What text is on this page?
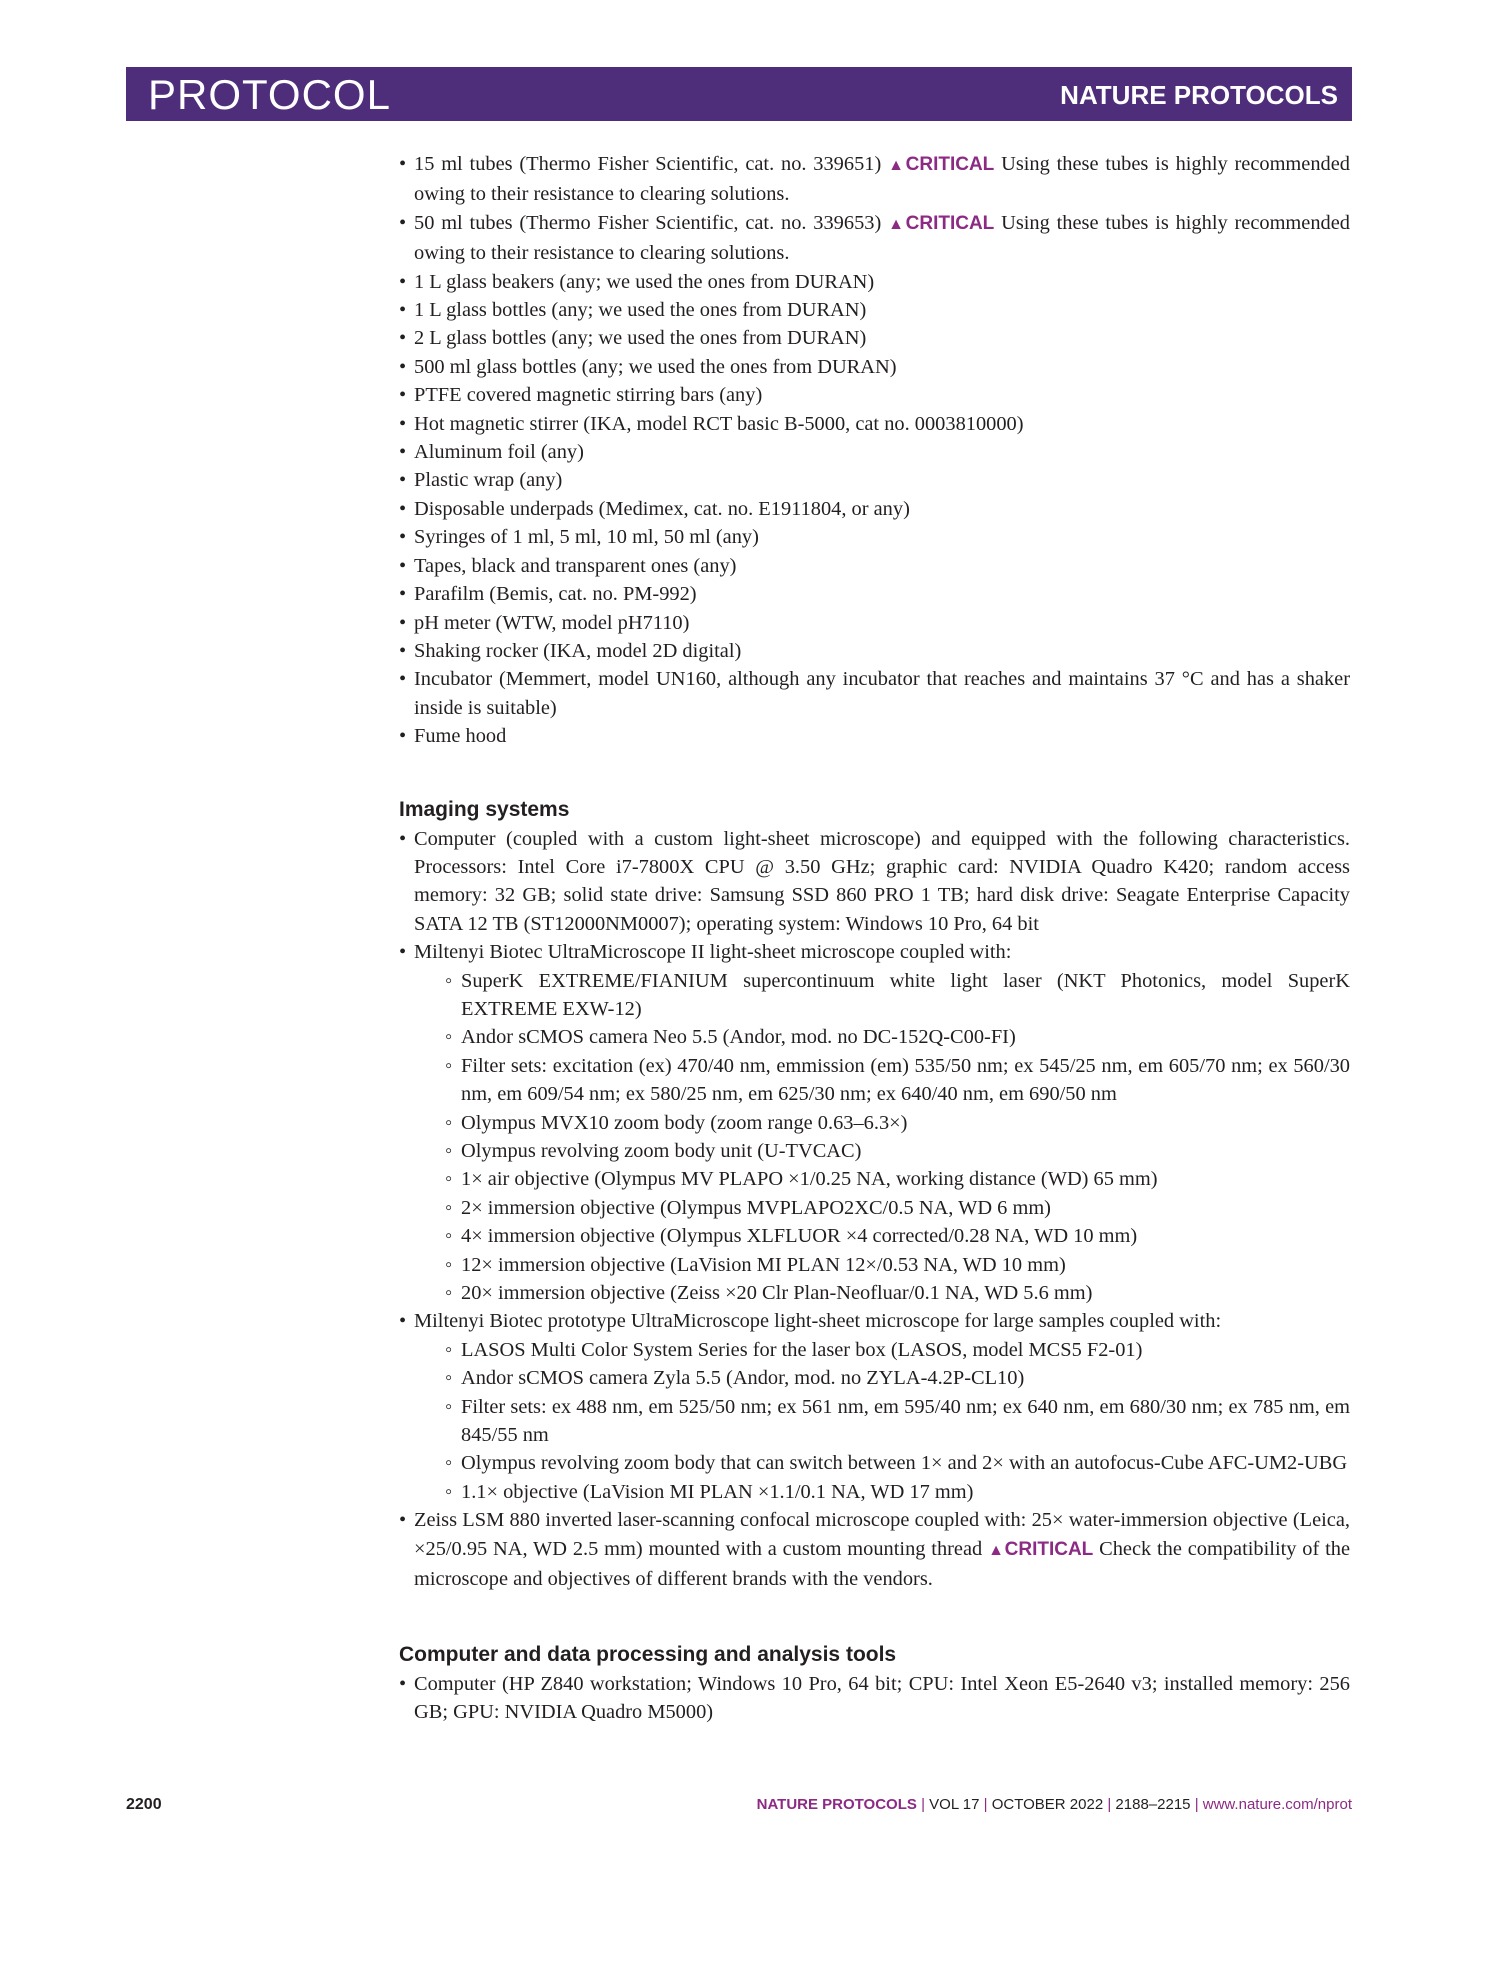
PROTOCOL	NATURE PROTOCOLS
• 15 ml tubes (Thermo Fisher Scientific, cat. no. 339651) ▲CRITICAL Using these tubes is highly recommended owing to their resistance to clearing solutions.
• 50 ml tubes (Thermo Fisher Scientific, cat. no. 339653) ▲CRITICAL Using these tubes is highly recommended owing to their resistance to clearing solutions.
• 1 L glass beakers (any; we used the ones from DURAN)
• 1 L glass bottles (any; we used the ones from DURAN)
• 2 L glass bottles (any; we used the ones from DURAN)
• 500 ml glass bottles (any; we used the ones from DURAN)
• PTFE covered magnetic stirring bars (any)
• Hot magnetic stirrer (IKA, model RCT basic B-5000, cat no. 0003810000)
• Aluminum foil (any)
• Plastic wrap (any)
• Disposable underpads (Medimex, cat. no. E1911804, or any)
• Syringes of 1 ml, 5 ml, 10 ml, 50 ml (any)
• Tapes, black and transparent ones (any)
• Parafilm (Bemis, cat. no. PM-992)
• pH meter (WTW, model pH7110)
• Shaking rocker (IKA, model 2D digital)
• Incubator (Memmert, model UN160, although any incubator that reaches and maintains 37 °C and has a shaker inside is suitable)
• Fume hood
Imaging systems
• Computer (coupled with a custom light-sheet microscope) and equipped with the following characteristics. Processors: Intel Core i7-7800X CPU @ 3.50 GHz; graphic card: NVIDIA Quadro K420; random access memory: 32 GB; solid state drive: Samsung SSD 860 PRO 1 TB; hard disk drive: Seagate Enterprise Capacity SATA 12 TB (ST12000NM0007); operating system: Windows 10 Pro, 64 bit
• Miltenyi Biotec UltraMicroscope II light-sheet microscope coupled with:
◦ SuperK EXTREME/FIANIUM supercontinuum white light laser (NKT Photonics, model SuperK EXTREME EXW-12)
◦ Andor sCMOS camera Neo 5.5 (Andor, mod. no DC-152Q-C00-FI)
◦ Filter sets: excitation (ex) 470/40 nm, emmission (em) 535/50 nm; ex 545/25 nm, em 605/70 nm; ex 560/30 nm, em 609/54 nm; ex 580/25 nm, em 625/30 nm; ex 640/40 nm, em 690/50 nm
◦ Olympus MVX10 zoom body (zoom range 0.63–6.3×)
◦ Olympus revolving zoom body unit (U-TVCAC)
◦ 1× air objective (Olympus MV PLAPO ×1/0.25 NA, working distance (WD) 65 mm)
◦ 2× immersion objective (Olympus MVPLAPO2XC/0.5 NA, WD 6 mm)
◦ 4× immersion objective (Olympus XLFLUOR ×4 corrected/0.28 NA, WD 10 mm)
◦ 12× immersion objective (LaVision MI PLAN 12×/0.53 NA, WD 10 mm)
◦ 20× immersion objective (Zeiss ×20 Clr Plan-Neofluar/0.1 NA, WD 5.6 mm)
• Miltenyi Biotec prototype UltraMicroscope light-sheet microscope for large samples coupled with:
◦ LASOS Multi Color System Series for the laser box (LASOS, model MCS5 F2-01)
◦ Andor sCMOS camera Zyla 5.5 (Andor, mod. no ZYLA-4.2P-CL10)
◦ Filter sets: ex 488 nm, em 525/50 nm; ex 561 nm, em 595/40 nm; ex 640 nm, em 680/30 nm; ex 785 nm, em 845/55 nm
◦ Olympus revolving zoom body that can switch between 1× and 2× with an autofocus-Cube AFC-UM2-UBG
◦ 1.1× objective (LaVision MI PLAN ×1.1/0.1 NA, WD 17 mm)
• Zeiss LSM 880 inverted laser-scanning confocal microscope coupled with: 25× water-immersion objective (Leica, ×25/0.95 NA, WD 2.5 mm) mounted with a custom mounting thread ▲CRITICAL Check the compatibility of the microscope and objectives of different brands with the vendors.
Computer and data processing and analysis tools
• Computer (HP Z840 workstation; Windows 10 Pro, 64 bit; CPU: Intel Xeon E5-2640 v3; installed memory: 256 GB; GPU: NVIDIA Quadro M5000)
2200	NATURE PROTOCOLS | VOL 17 | OCTOBER 2022 | 2188–2215 | www.nature.com/nprot
